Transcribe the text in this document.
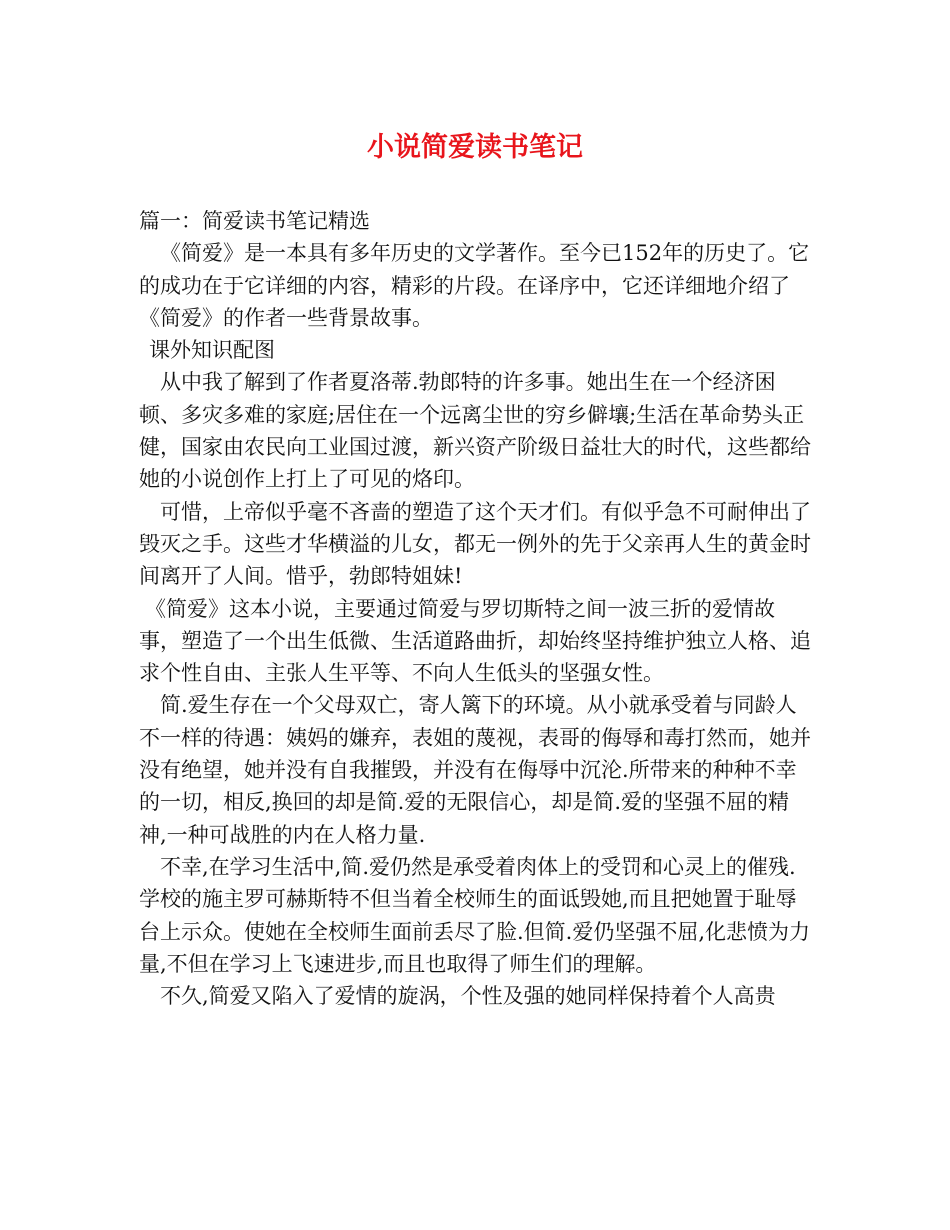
小说简爱读书笔记

篇一：简爱读书笔记精选

《简爱》是一本具有多年历史的文学著作。至今已152年的历史了。它的成功在于它详细的内容，精彩的片段。在译序中，它还详细地介绍了《简爱》的作者一些背景故事。

课外知识配图

从中我了解到了作者夏洛蒂.勃郎特的许多事。她出生在一个经济困顿、多灾多难的家庭;居住在一个远离尘世的穷乡僻壤;生活在革命势头正健，国家由农民向工业国过渡，新兴资产阶级日益壮大的时代，这些都给她的小说创作上打上了可见的烙印。

可惜，上帝似乎毫不吝啬的塑造了这个天才们。有似乎急不可耐伸出了毁灭之手。这些才华横溢的儿女，都无一例外的先于父亲再人生的黄金时间离开了人间。惜乎，勃郎特姐妹!

《简爱》这本小说，主要通过简爱与罗切斯特之间一波三折的爱情故事，塑造了一个出生低微、生活道路曲折，却始终坚持维护独立人格、追求个性自由、主张人生平等、不向人生低头的坚强女性。

简.爱生存在一个父母双亡，寄人篱下的环境。从小就承受着与同龄人不一样的待遇：姨妈的嫌弃，表姐的蔑视，表哥的侮辱和毒打然而，她并没有绝望，她并没有自我摧毁，并没有在侮辱中沉沦.所带来的种种不幸的一切，相反,换回的却是简.爱的无限信心，却是简.爱的坚强不屈的精神,一种可战胜的内在人格力量.

不幸,在学习生活中,简.爱仍然是承受着肉体上的受罚和心灵上的催残.学校的施主罗可赫斯特不但当着全校师生的面诋毁她,而且把她置于耻辱台上示众。使她在全校师生面前丢尽了脸.但简.爱仍坚强不屈,化悲愤为力量,不但在学习上飞速进步,而且也取得了师生们的理解。

不久,简爱又陷入了爱情的旋涡，个性及强的她同样保持着个人高贵
